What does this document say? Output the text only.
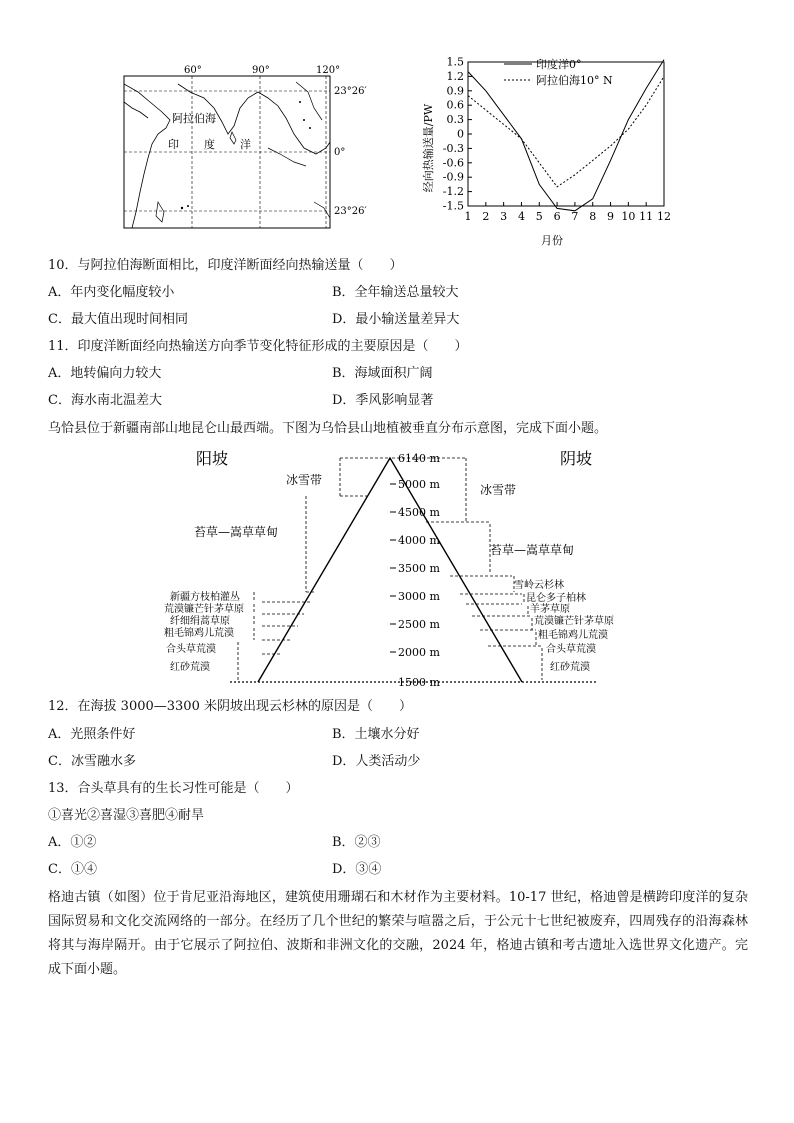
60°	90°	120°
23°26′
0°
23°26′
阿拉伯海
印 度 洋
1.5
1.2
0.9
0.6
0.3
0
-0.3
-0.6
-0.9
-1.2
-1.5
1 2 3 4 5 6 7 8 9 10 11 12
印度洋0°
阿拉伯海10° N
经向热输送量/PW
月份
10．与阿拉伯海断面相比，印度洋断面经向热输送量（　　）
A．年内变化幅度较小	B．全年输送总量较大
C．最大值出现时间相同	D．最小输送量差异大
11．印度洋断面经向热输送方向季节变化特征形成的主要原因是（　　）
A．地转偏向力较大	B．海域面积广阔
C．海水南北温差大	D．季风影响显著
乌恰县位于新疆南部山地昆仑山最西端。下图为乌恰县山地植被垂直分布示意图，完成下面小题。
6140 m
5000 m
4500 m
4000 m
3500 m
3000 m
2500 m
2000 m
1500 m
阳坡	阴坡
冰雪带
苔草—嵩草草甸
新疆方枝柏灌丛
荒漠镰芒针茅草原
纤细绢蒿草原
粗毛锦鸡儿荒漠
合头草荒漠
红砂荒漠
冰雪带
苔草—嵩草草甸
雪岭云杉林
昆仑多子柏林
羊茅草原
荒漠镰芒针茅草原
粗毛锦鸡儿荒漠
合头草荒漠
红砂荒漠
12．在海拔 3000—3300 米阴坡出现云杉林的原因是（　　）
A．光照条件好	B．土壤水分好
C．冰雪融水多	D．人类活动少
13．合头草具有的生长习性可能是（　　）
①喜光②喜湿③喜肥④耐旱
A．①②	B．②③
C．①④	D．③④
格迪古镇（如图）位于肯尼亚沿海地区，建筑使用珊瑚石和木材作为主要材料。10-17 世纪，格迪曾是横跨印度洋的复杂国际贸易和文化交流网络的一部分。在经历了几个世纪的繁荣与喧嚣之后，于公元十七世纪被废弃，四周残存的沿海森林将其与海岸隔开。由于它展示了阿拉伯、波斯和非洲文化的交融，2024 年，格迪古镇和考古遗址入选世界文化遗产。完成下面小题。
